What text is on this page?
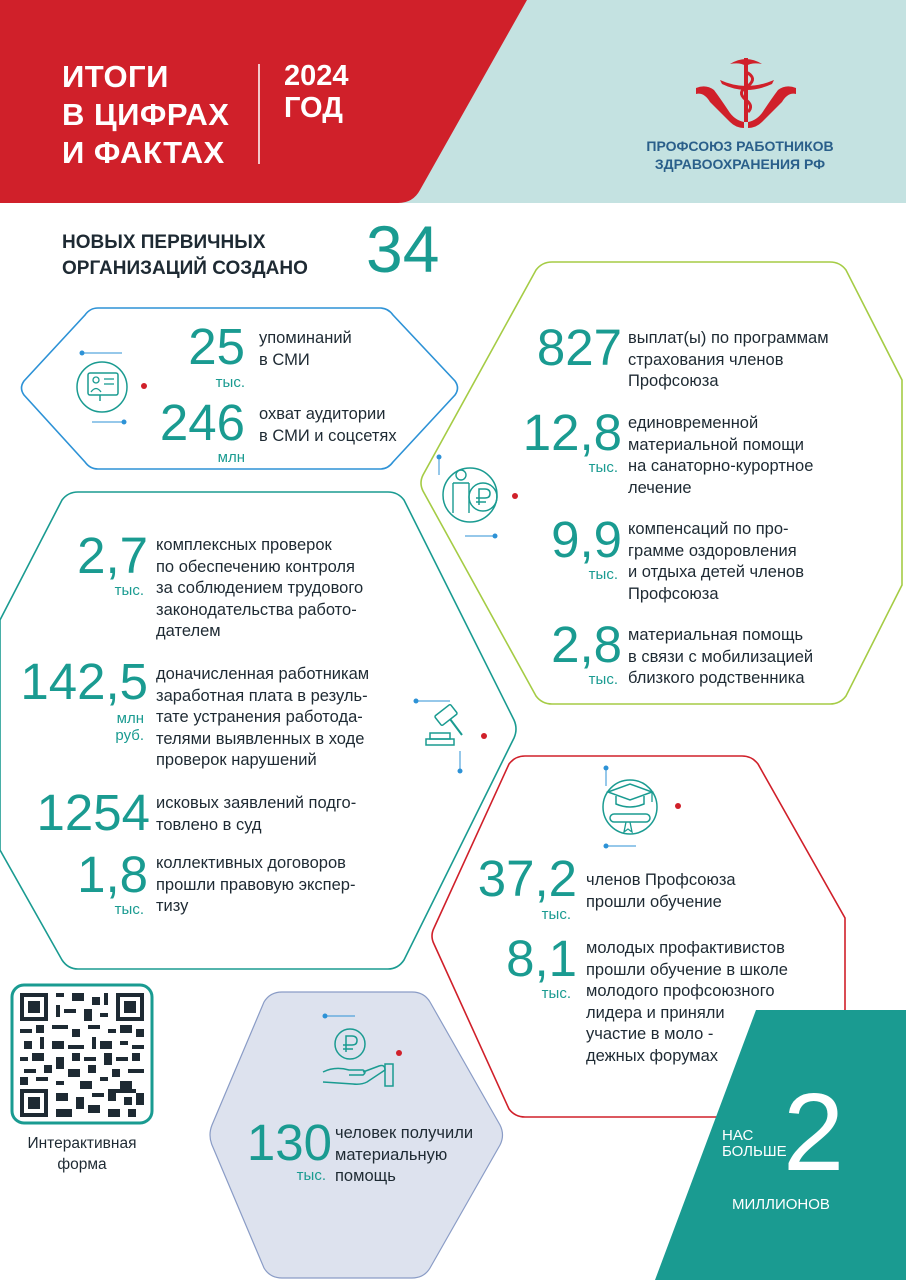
ИТОГИ
В ЦИФРАХ
И ФАКТАХ
2024
ГОД
ПРОФСОЮЗ РАБОТНИКОВ
ЗДРАВООХРАНЕНИЯ РФ
НОВЫХ ПЕРВИЧНЫХ
ОРГАНИЗАЦИЙ СОЗДАНО 34
25
тыс.
упоминаний
в СМИ
246
млн
охват аудитории
в СМИ и соцсетях
827 выплат(ы) по программам
страхования членов
Профсоюза
12,8
тыс.
единовременной
материальной помощи
на санаторно-курортное
лечение
9,9
тыс.
компенсаций по про-
грамме оздоровления
и отдыха детей членов
Профсоюза
2,8
тыс.
материальная помощь
в связи с мобилизацией
близкого родственника
2,7
тыс.
комплексных проверок
по обеспечению контроля
за соблюдением трудового
законодательства работо-
дателем
142,5
млн
руб.
доначисленная работникам
заработная плата в резуль-
тате устранения работода-
телями выявленных в ходе
проверок нарушений
1254 исковых заявлений подго-
товлено в суд
1,8
тыс.
коллективных договоров
прошли правовую экспер-
тизу	37,2
тыс.
членов Профсоюза
прошли обучение
8,1
тыс.
молодых профактивистов
прошли обучение в школе
молодого профсоюзного
лидера и приняли
участие в моло -
дежных форумах
130
тыс.
человек получили
материальную
помощь
Интерактивная
форма
НАС
БОЛЬШЕ
2
МИЛЛИОНОВ
